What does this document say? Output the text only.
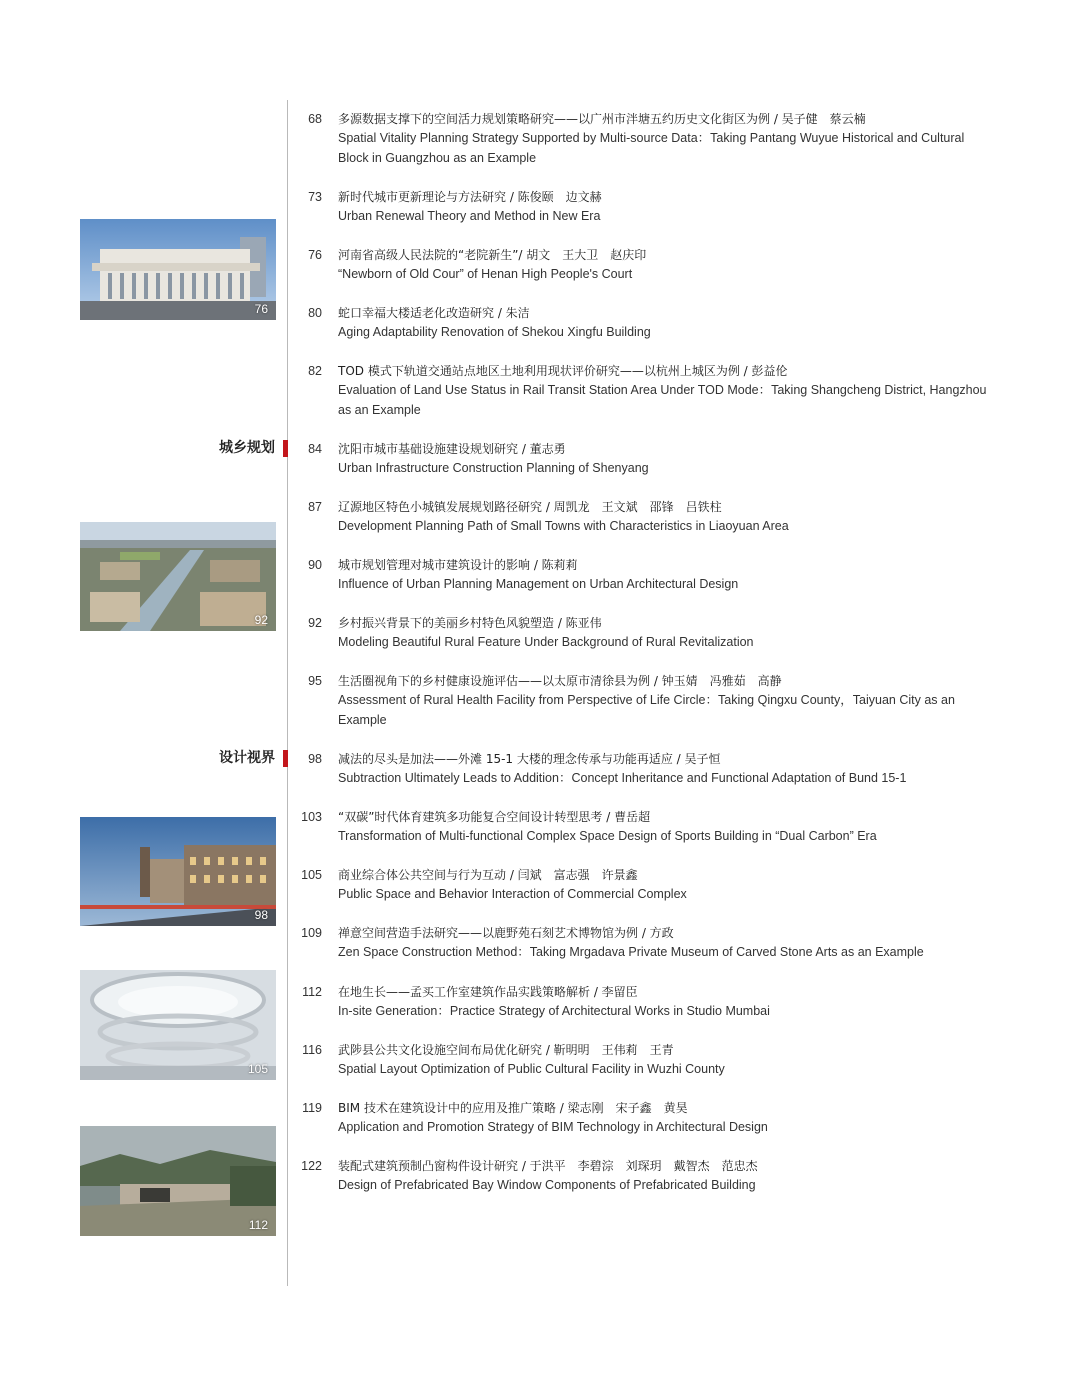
城乡规划
设计视界
76
92
98
105
112
68 多源数据支撑下的空间活力规划策略研究——以广州市泮塘五约历史文化街区为例 / 吴子健　蔡云楠
Spatial Vitality Planning Strategy Supported by Multi-source Data：Taking Pantang Wuyue Historical and Cultural Block in Guangzhou as an Example
73 新时代城市更新理论与方法研究 / 陈俊颐　边文赫
Urban Renewal Theory and Method in New Era
76 河南省高级人民法院的“老院新生”/ 胡文　王大卫　赵庆印
“Newborn of Old Cour” of Henan High People's Court
80 蛇口幸福大楼适老化改造研究 / 朱洁
Aging Adaptability Renovation of Shekou Xingfu Building
82 TOD 模式下轨道交通站点地区土地利用现状评价研究——以杭州上城区为例 / 彭益伦
Evaluation of Land Use Status in Rail Transit Station Area Under TOD Mode：Taking Shangcheng District, Hangzhou as an Example
84 沈阳市城市基础设施建设规划研究 / 董志勇
Urban Infrastructure Construction Planning of Shenyang
87 辽源地区特色小城镇发展规划路径研究 / 周凯龙　王文斌　邵锋　吕铁柱
Development Planning Path of Small Towns with Characteristics in Liaoyuan Area
90 城市规划管理对城市建筑设计的影响 / 陈莉莉
Influence of Urban Planning Management on Urban Architectural Design
92 乡村振兴背景下的美丽乡村特色风貌塑造 / 陈亚伟
Modeling Beautiful Rural Feature Under Background of Rural Revitalization
95 生活圈视角下的乡村健康设施评估——以太原市清徐县为例 / 钟玉婧　冯雅茹　高静
Assessment of Rural Health Facility from Perspective of Life Circle：Taking Qingxu County，Taiyuan City as an Example
98 减法的尽头是加法——外滩 15-1 大楼的理念传承与功能再适应 / 吴子恒
Subtraction Ultimately Leads to Addition：Concept Inheritance and Functional Adaptation of Bund 15-1
103 “双碳”时代体育建筑多功能复合空间设计转型思考 / 曹岳超
Transformation of Multi-functional Complex Space Design of Sports Building in “Dual Carbon” Era
105 商业综合体公共空间与行为互动 / 闫斌　富志强　许景鑫
Public Space and Behavior Interaction of Commercial Complex
109 禅意空间营造手法研究——以鹿野苑石刻艺术博物馆为例 / 方政
Zen Space Construction Method：Taking Mrgadava Private Museum of Carved Stone Arts as an Example
112 在地生长——孟买工作室建筑作品实践策略解析 / 李留臣
In-site Generation：Practice Strategy of Architectural Works in Studio Mumbai
116 武陟县公共文化设施空间布局优化研究 / 靳明明　王伟莉　王青
Spatial Layout Optimization of Public Cultural Facility in Wuzhi County
119 BIM 技术在建筑设计中的应用及推广策略 / 梁志刚　宋子鑫　黄昊
Application and Promotion Strategy of BIM Technology in Architectural Design
122 装配式建筑预制凸窗构件设计研究 / 于洪平　李碧淙　刘琛玥　戴智杰　范忠杰
Design of Prefabricated Bay Window Components of Prefabricated Building
